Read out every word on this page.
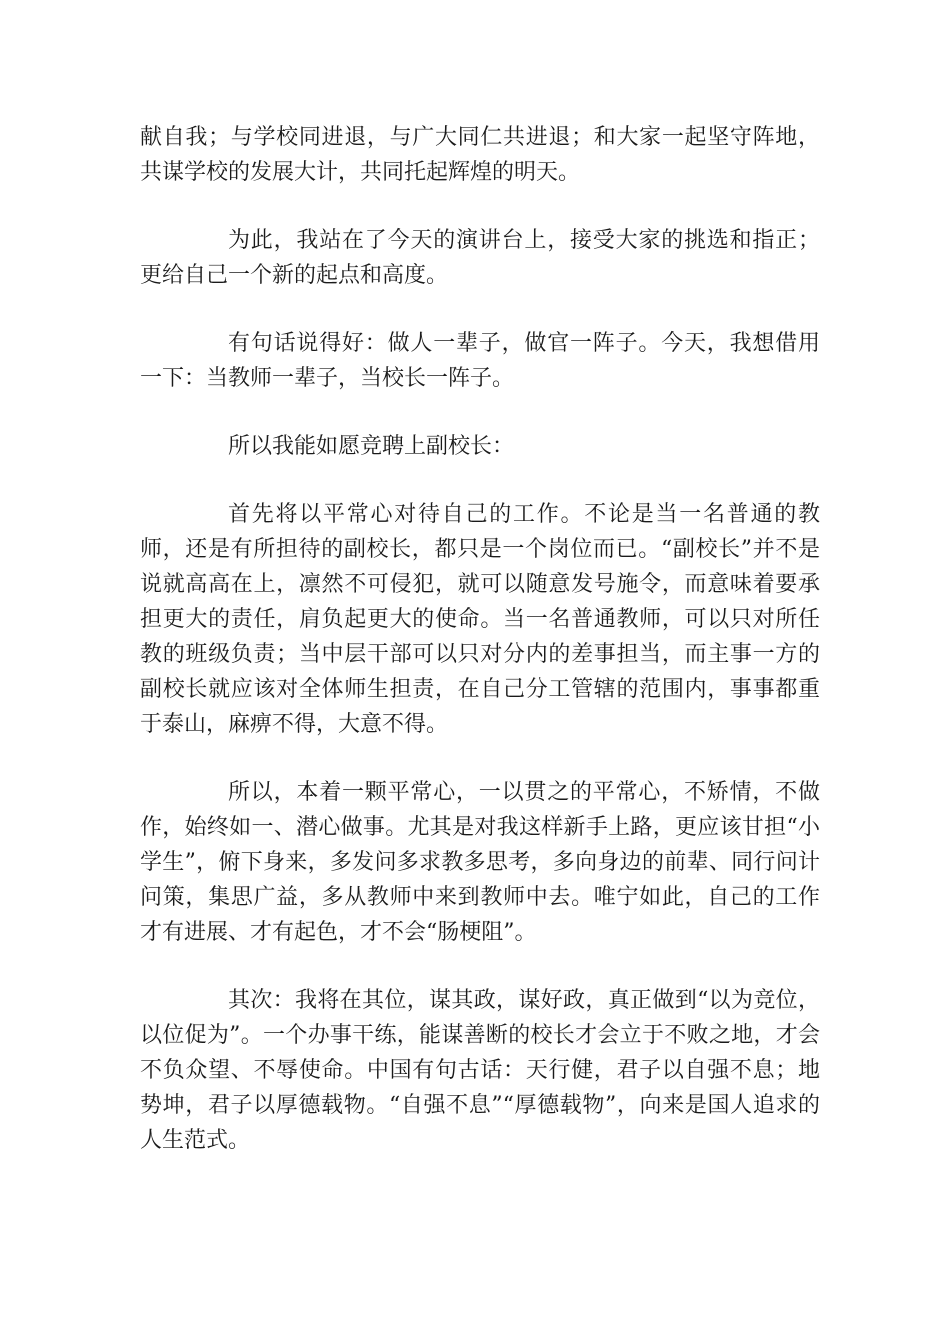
献自我；与学校同进退，与广大同仁共进退；和大家一起坚守阵地，共谋学校的发展大计，共同托起辉煌的明天。

为此，我站在了今天的演讲台上，接受大家的挑选和指正；更给自己一个新的起点和高度。

有句话说得好：做人一辈子，做官一阵子。今天，我想借用一下：当教师一辈子，当校长一阵子。

所以我能如愿竞聘上副校长：

首先将以平常心对待自己的工作。不论是当一名普通的教师，还是有所担待的副校长，都只是一个岗位而已。“副校长”并不是说就高高在上，凛然不可侵犯，就可以随意发号施令，而意味着要承担更大的责任，肩负起更大的使命。当一名普通教师，可以只对所任教的班级负责；当中层干部可以只对分内的差事担当，而主事一方的副校长就应该对全体师生担责，在自己分工管辖的范围内，事事都重于泰山，麻痹不得，大意不得。

所以，本着一颗平常心，一以贯之的平常心，不矫情，不做作，始终如一、潜心做事。尤其是对我这样新手上路，更应该甘担“小学生”，俯下身来，多发问多求教多思考，多向身边的前辈、同行问计问策，集思广益，多从教师中来到教师中去。唯宁如此，自己的工作才有进展、才有起色，才不会“肠梗阻”。

其次：我将在其位，谋其政，谋好政，真正做到“以为竞位，以位促为”。一个办事干练，能谋善断的校长才会立于不败之地，才会不负众望、不辱使命。中国有句古话：天行健，君子以自强不息；地势坤，君子以厚德载物。“自强不息”“厚德载物”，向来是国人追求的人生范式。
